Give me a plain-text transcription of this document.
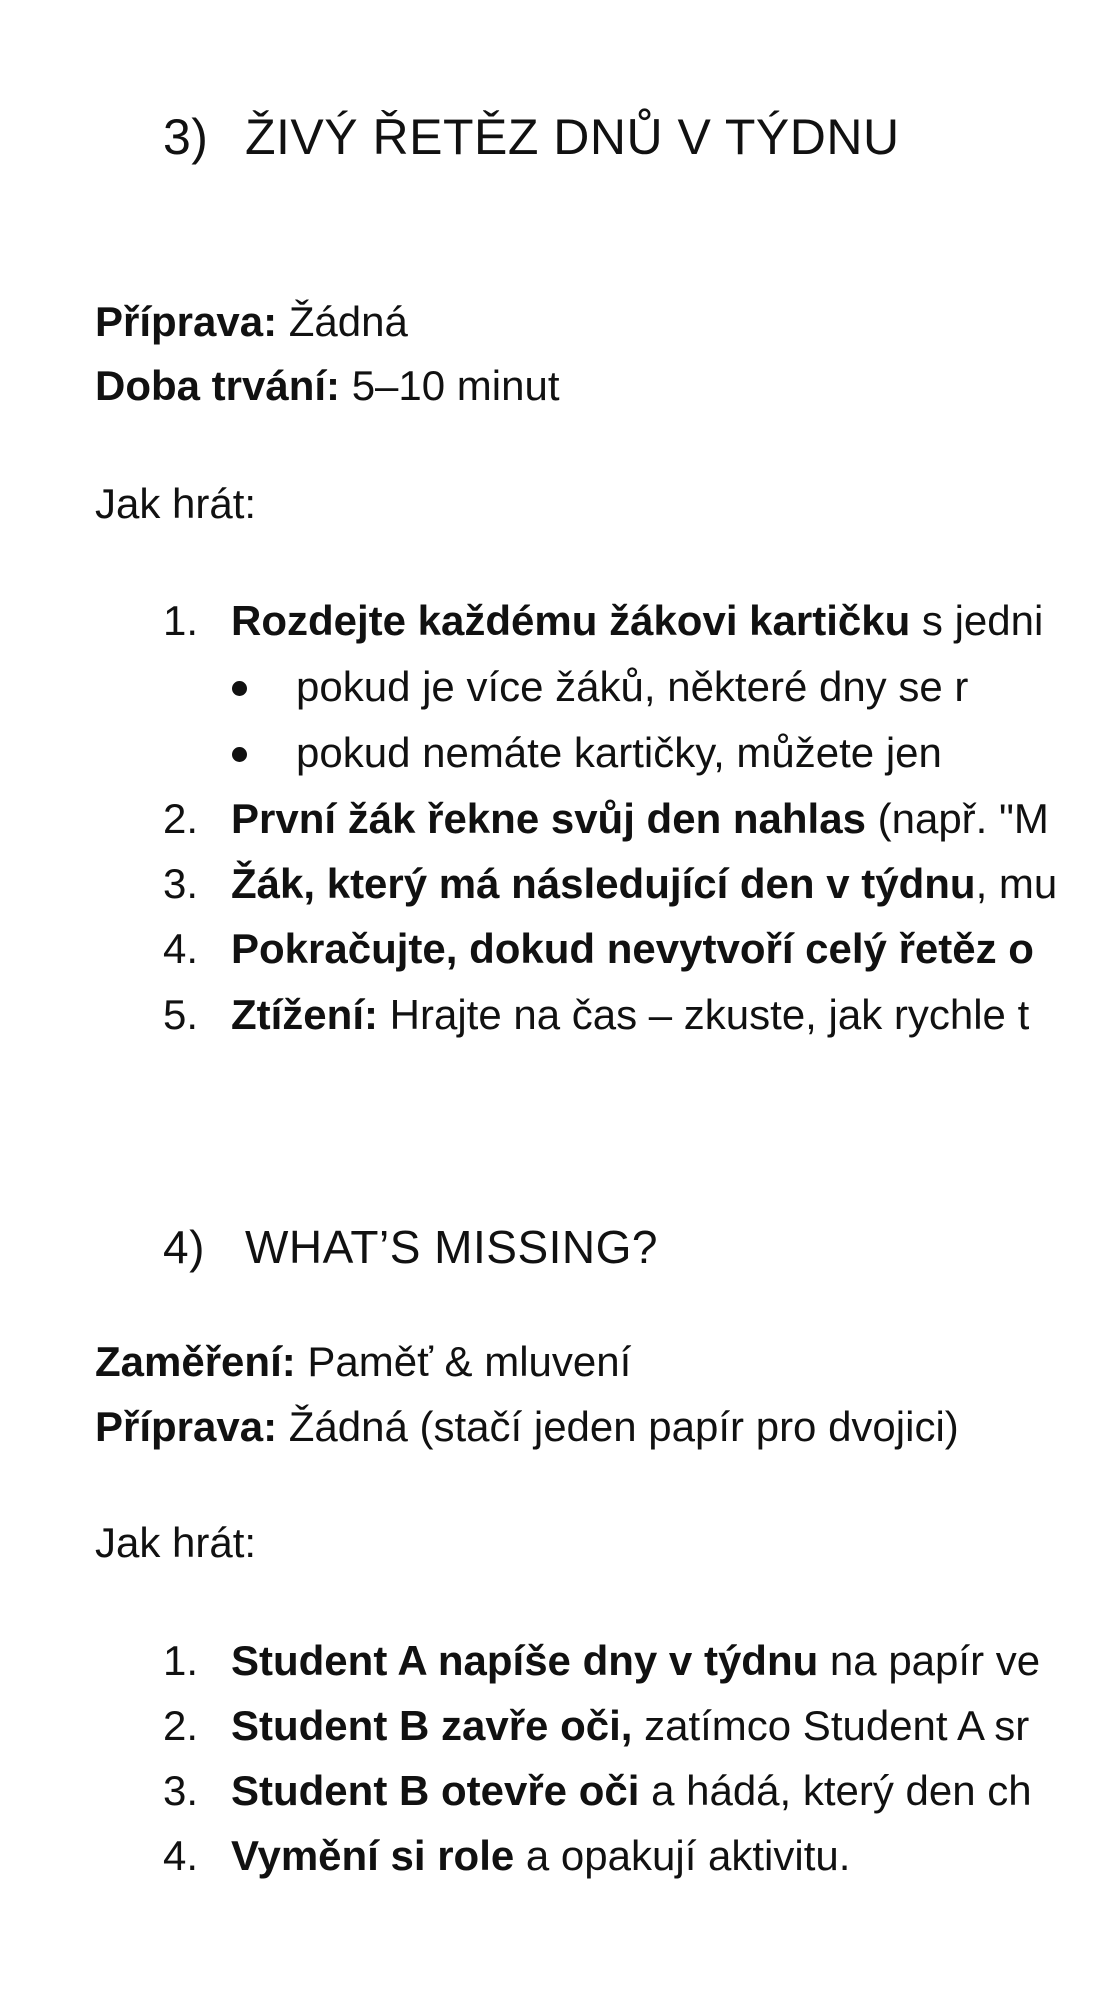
3) ŽIVÝ ŘETĚZ DNŮ V TÝDNU
Příprava: Žádná
Doba trvání: 5–10 minut
Jak hrát:
1. Rozdejte každému žákovi kartičku s jedni
pokud je více žáků, některé dny se r
pokud nemáte kartičky, můžete jen
2. První žák řekne svůj den nahlas (např. "M
3. Žák, který má následující den v týdnu, mu
4. Pokračujte, dokud nevytvoří celý řetěz o
5. Ztížení: Hrajte na čas – zkuste, jak rychle t
4) WHAT’S MISSING?
Zaměření: Paměť & mluvení
Příprava: Žádná (stačí jeden papír pro dvojici)
Jak hrát:
1. Student A napíše dny v týdnu na papír ve
2. Student B zavře oči, zatímco Student A sr
3. Student B otevře oči a hádá, který den ch
4. Vymění si role a opakují aktivitu.
